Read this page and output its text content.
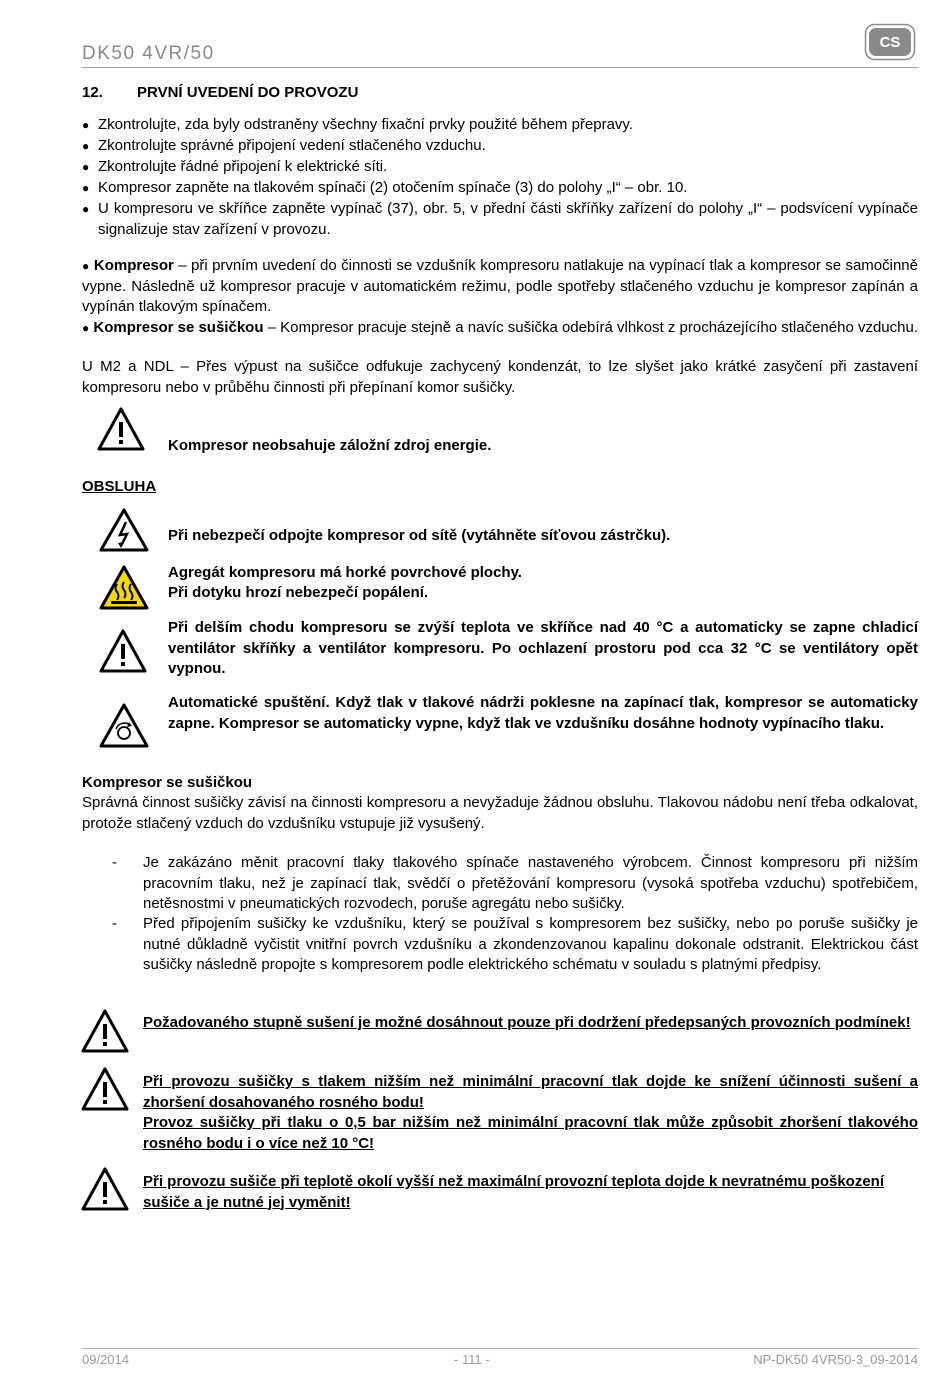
DK50 4VR/50
CS
12. PRVNÍ UVEDENÍ DO PROVOZU
● Zkontrolujte, zda byly odstraněny všechny fixační prvky použité během přepravy.
● Zkontrolujte správné připojení vedení stlačeného vzduchu.
● Zkontrolujte řádné připojení k elektrické síti.
● Kompresor zapněte na tlakovém spínači (2) otočením spínače (3) do polohy „I“ – obr. 10.
● U kompresoru ve skříňce zapněte vypínač (37), obr. 5, v přední části skříňky zařízení do polohy „I“ – podsvícení vypínače signalizuje stav zařízení v provozu.
● Kompresor – při prvním uvedení do činnosti se vzdušník kompresoru natlakuje na vypínací tlak a kompresor se samočinně vypne. Následně už kompresor pracuje v automatickém režimu, podle spotřeby stlačeného vzduchu je kompresor zapínán a vypínán tlakovým spínačem.
● Kompresor se sušičkou – Kompresor pracuje stejně a navíc sušička odebírá vlhkost z procházejícího stlačeného vzduchu.
U M2 a NDL – Přes výpust na sušičce odfukuje zachycený kondenzát, to lze slyšet jako krátké zasyčení při zastavení kompresoru nebo v průběhu činnosti při přepínaní komor sušičky.
Kompresor neobsahuje záložní zdroj energie.
OBSLUHA
Při nebezpečí odpojte kompresor od sítě (vytáhněte síťovou zástrčku).
Agregát kompresoru má horké povrchové plochy.
Při dotyku hrozí nebezpečí popálení.
Při delším chodu kompresoru se zvýší teplota ve skříňce nad 40 °C a automaticky se zapne chladicí ventilátor skříňky a ventilátor kompresoru. Po ochlazení prostoru pod cca 32 °C se ventilátory opět vypnou.
Automatické spuštění. Když tlak v tlakové nádrži poklesne na zapínací tlak, kompresor se automaticky zapne. Kompresor se automaticky vypne, když tlak ve vzdušníku dosáhne hodnoty vypínacího tlaku.
Kompresor se sušičkou
Správná činnost sušičky závisí na činnosti kompresoru a nevyžaduje žádnou obsluhu. Tlakovou nádobu není třeba odkalovat, protože stlačený vzduch do vzdušníku vstupuje již vysušený.
- Je zakázáno měnit pracovní tlaky tlakového spínače nastaveného výrobcem. Činnost kompresoru při nižším pracovním tlaku, než je zapínací tlak, svědčí o přetěžování kompresoru (vysoká spotřeba vzduchu) spotřebičem, netěsnostmi v pneumatických rozvodech, poruše agregátu nebo sušičky.
- Před připojením sušičky ke vzdušníku, který se používal s kompresorem bez sušičky, nebo po poruše sušičky je nutné důkladně vyčistit vnitřní povrch vzdušníku a zkondenzovanou kapalinu dokonale odstranit. Elektrickou část sušičky následně propojte s kompresorem podle elektrického schématu v souladu s platnými předpisy.
Požadovaného stupně sušení je možné dosáhnout pouze při dodržení předepsaných provozních podmínek!
Při provozu sušičky s tlakem nižším než minimální pracovní tlak dojde ke snížení účinnosti sušení a zhoršení dosahovaného rosného bodu!
Provoz sušičky při tlaku o 0,5 bar nižším než minimální pracovní tlak může způsobit zhoršení tlakového rosného bodu i o více než 10 °C!
Při provozu sušiče při teplotě okolí vyšší než maximální provozní teplota dojde k nevratnému poškození sušiče a je nutné jej vyměnit!
09/2014	- 111 -	NP-DK50 4VR50-3_09-2014
